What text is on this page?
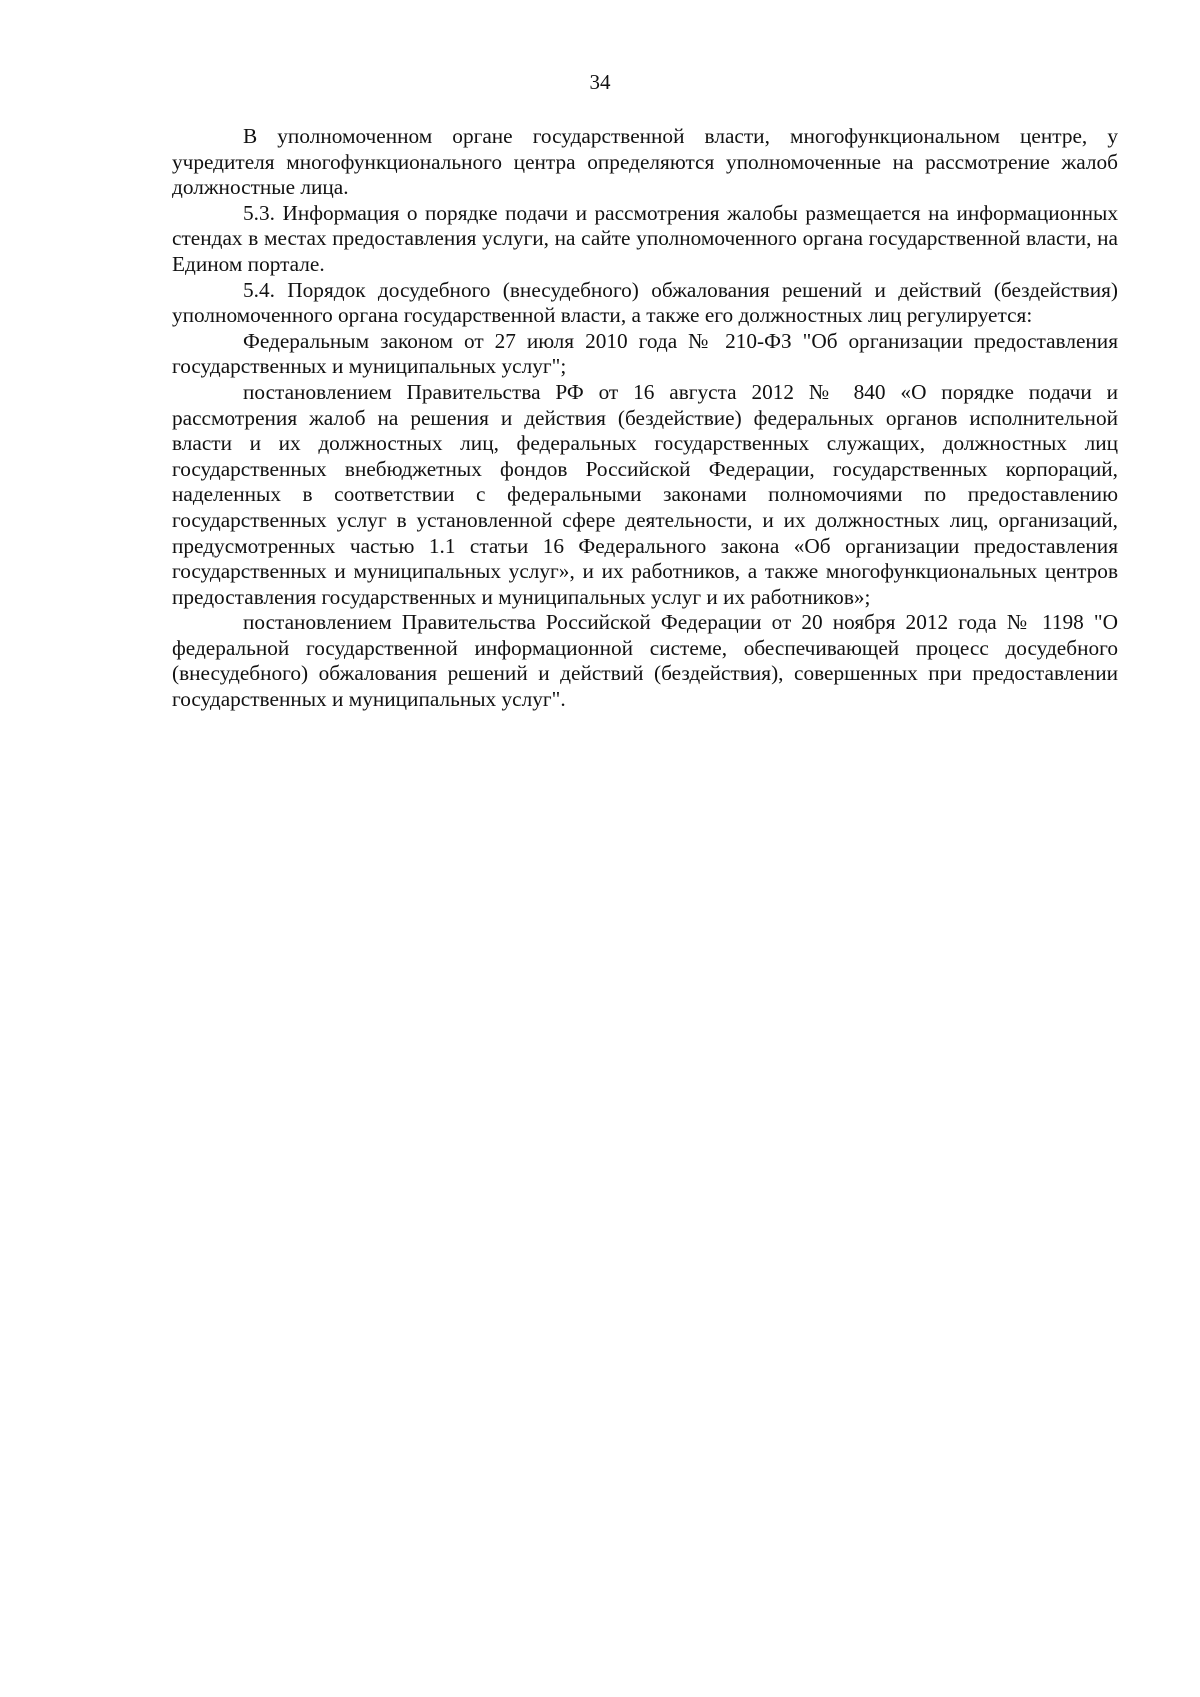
34

В уполномоченном органе государственной власти, многофункциональном центре, у учредителя многофункционального центра определяются уполномоченные на рассмотрение жалоб должностные лица.

5.3. Информация о порядке подачи и рассмотрения жалобы размещается на информационных стендах в местах предоставления услуги, на сайте уполномоченного органа государственной власти, на Едином портале.

5.4. Порядок досудебного (внесудебного) обжалования решений и действий (бездействия) уполномоченного органа государственной власти, а также его должностных лиц регулируется:

Федеральным законом от 27 июля 2010 года № 210-ФЗ "Об организации предоставления государственных и муниципальных услуг";

постановлением Правительства РФ от 16 августа 2012 № 840 «О порядке подачи и рассмотрения жалоб на решения и действия (бездействие) федеральных органов исполнительной власти и их должностных лиц, федеральных государственных служащих, должностных лиц государственных внебюджетных фондов Российской Федерации, государственных корпораций, наделенных в соответствии с федеральными законами полномочиями по предоставлению государственных услуг в установленной сфере деятельности, и их должностных лиц, организаций, предусмотренных частью 1.1 статьи 16 Федерального закона «Об организации предоставления государственных и муниципальных услуг», и их работников, а также многофункциональных центров предоставления государственных и муниципальных услуг и их работников»;

постановлением Правительства Российской Федерации от 20 ноября 2012 года № 1198 "О федеральной государственной информационной системе, обеспечивающей процесс досудебного (внесудебного) обжалования решений и действий (бездействия), совершенных при предоставлении государственных и муниципальных услуг".
